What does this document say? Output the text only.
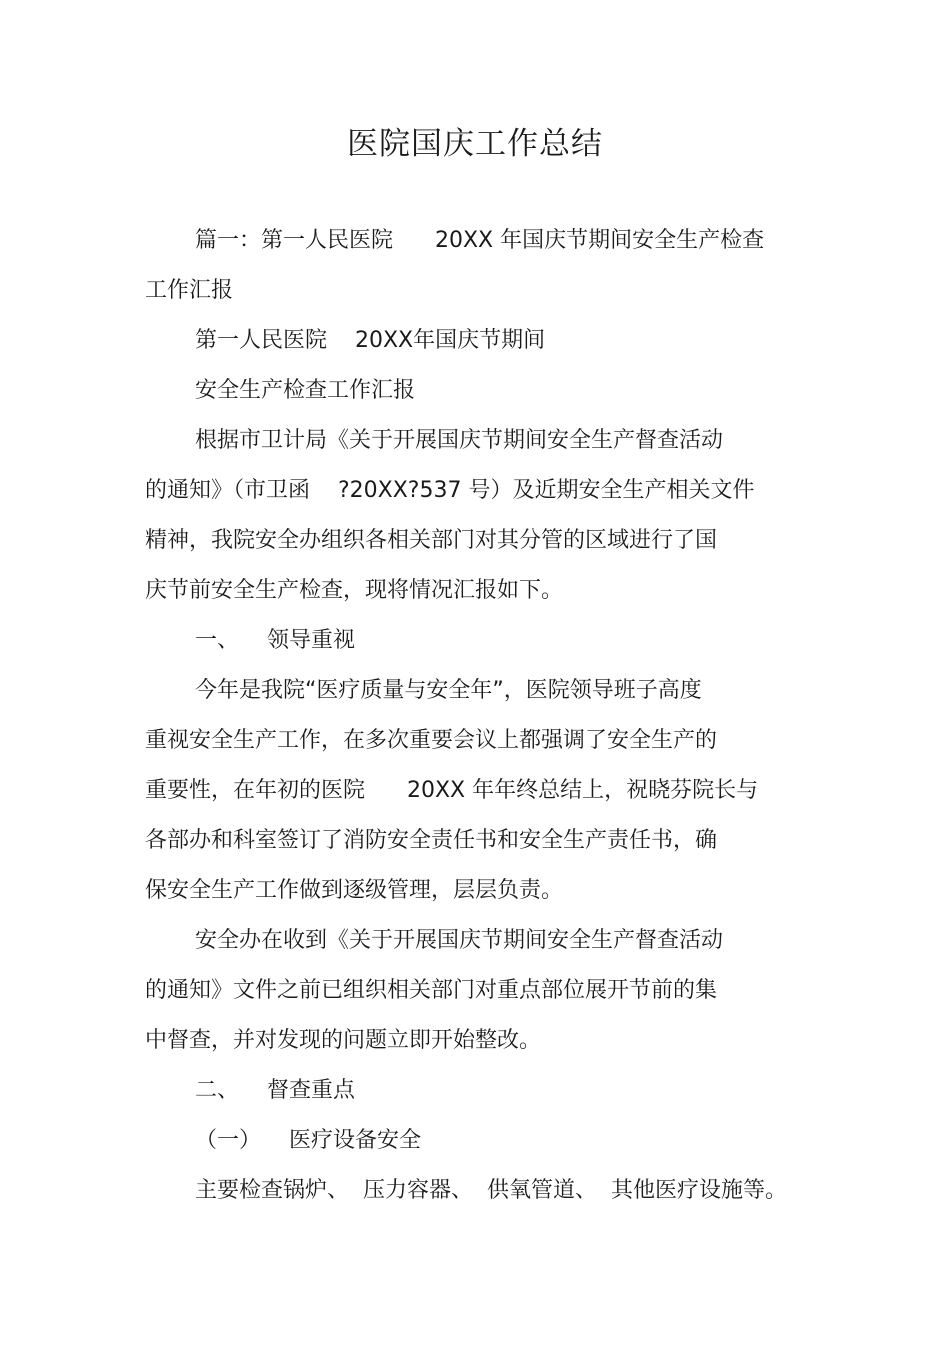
医院国庆工作总结
篇一：第一人民医院      20XX 年国庆节期间安全生产检查
工作汇报
第一人民医院    20XX年国庆节期间
安全生产检查工作汇报
根据市卫计局《关于开展国庆节期间安全生产督查活动
的通知》（市卫函    ?20XX?537 号）及近期安全生产相关文件
精神，我院安全办组织各相关部门对其分管的区域进行了国
庆节前安全生产检查，现将情况汇报如下。
一、    领导重视
今年是我院“医疗质量与安全年”，医院领导班子高度
重视安全生产工作，在多次重要会议上都强调了安全生产的
重要性，在年初的医院      20XX 年年终总结上，祝晓芬院长与
各部办和科室签订了消防安全责任书和安全生产责任书，确
保安全生产工作做到逐级管理，层层负责。
安全办在收到《关于开展国庆节期间安全生产督查活动
的通知》文件之前已组织相关部门对重点部位展开节前的集
中督查，并对发现的问题立即开始整改。
二、    督查重点
（一）    医疗设备安全
主要检查锅炉、  压力容器、  供氧管道、  其他医疗设施等。
